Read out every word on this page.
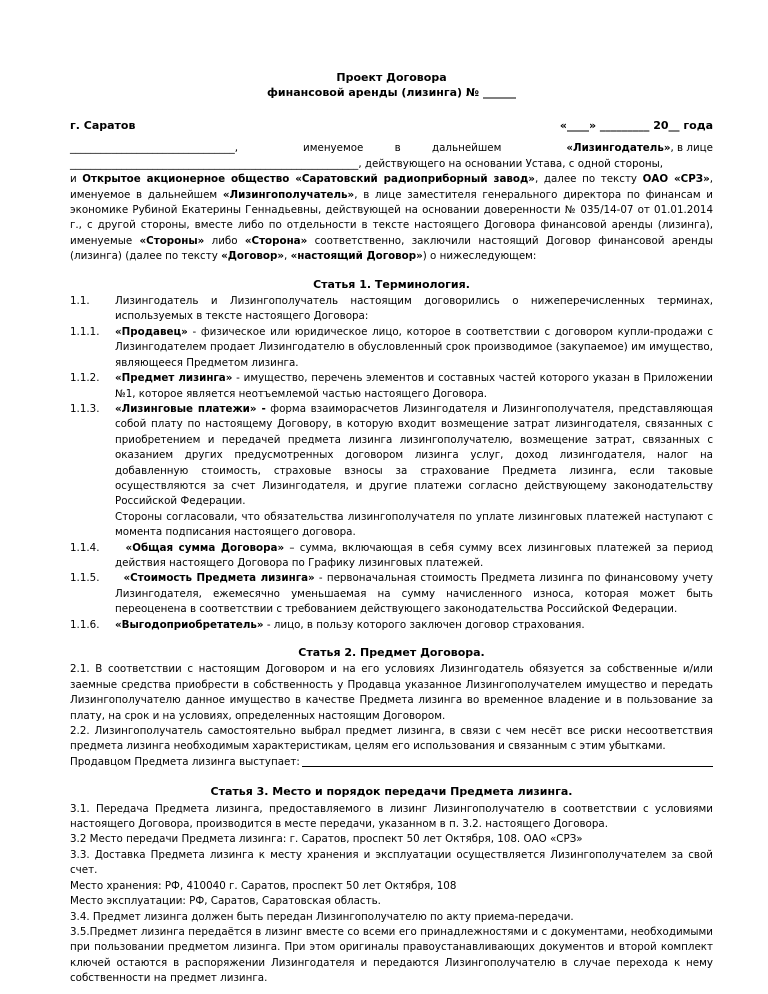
Проект Договора
финансовой аренды (лизинга) № ______
г. Саратов	«____» _________ 20__ года

________________________________,	именуемое в дальнейшем	«Лизингодатель», в лице
________________________________________________________, действующего на основании Устава, с одной стороны,
и Открытое акционерное общество «Саратовский радиоприборный завод», далее по тексту ОАО «СРЗ», именуемое в дальнейшем «Лизингополучатель», в лице заместителя генерального директора по финансам и экономике Рубиной Екатерины Геннадьевны, действующей на основании доверенности № 035/14-07 от 01.01.2014 г., с другой стороны, вместе либо по отдельности в тексте настоящего Договора финансовой аренды (лизинга), именуемые «Стороны» либо «Сторона» соответственно, заключили настоящий Договор финансовой аренды (лизинга) (далее по тексту «Договор», «настоящий Договор») о нижеследующем:

Статья 1. Терминология.
1.1.	Лизингодатель и Лизингополучатель настоящим договорились о нижеперечисленных терминах, используемых в тексте настоящего Договора:
1.1.1.	«Продавец» - физическое или юридическое лицо, которое в соответствии с договором купли-продажи с Лизингодателем продает Лизингодателю в обусловленный срок производимое (закупаемое) им имущество, являющееся Предметом лизинга.
1.1.2.	«Предмет лизинга» - имущество, перечень элементов и составных частей которого указан в Приложении №1, которое является неотъемлемой частью настоящего Договора.
1.1.3.	«Лизинговые платежи» - форма взаиморасчетов Лизингодателя и Лизингополучателя, представляющая собой плату по настоящему Договору, в которую входит возмещение затрат лизингодателя, связанных с приобретением и передачей предмета лизинга лизингополучателю, возмещение затрат, связанных с оказанием других предусмотренных договором лизинга услуг, доход лизингодателя, налог на добавленную стоимость, страховые взносы за страхование Предмета лизинга, если таковые осуществляются за счет Лизингодателя, и другие платежи согласно действующему законодательству Российской Федерации.
Стороны согласовали, что обязательства лизингополучателя по уплате лизинговых платежей наступают с момента подписания настоящего договора.
1.1.4.	«Общая сумма Договора» – сумма, включающая в себя сумму всех лизинговых платежей за период действия настоящего Договора по Графику лизинговых платежей.
1.1.5.	«Стоимость Предмета лизинга» - первоначальная стоимость Предмета лизинга по финансовому учету Лизингодателя, ежемесячно уменьшаемая на сумму начисленного износа, которая может быть переоценена в соответствии с требованием действующего законодательства Российской Федерации.
1.1.6.	«Выгодоприобретатель» - лицо, в пользу которого заключен договор страхования.
Статья 2. Предмет Договора.

2.1. В соответствии с настоящим Договором и на его условиях Лизингодатель обязуется за собственные и/или заемные средства приобрести в собственность у Продавца указанное Лизингополучателем имущество и передать Лизингополучателю данное имущество в качестве Предмета лизинга во временное владение и в пользование за плату, на срок и на условиях, определенных настоящим Договором.

2.2. Лизингополучатель самостоятельно выбрал предмет лизинга, в связи с чем несёт все риски несоответствия предмета лизинга необходимым характеристикам, целям его использования и связанным с этим убытками.

Продавцом Предмета лизинга выступает:
Статья 3. Место и порядок передачи Предмета лизинга.

3.1. Передача Предмета лизинга, предоставляемого в лизинг Лизингополучателю в соответствии с условиями настоящего Договора, производится в месте передачи, указанном в п. 3.2. настоящего Договора.

3.2 Место передачи Предмета лизинга: г. Саратов, проспект 50 лет Октября, 108. ОАО «СРЗ»

3.3. Доставка Предмета лизинга к месту хранения и эксплуатации осуществляется Лизингополучателем за свой счет.

Место хранения: РФ, 410040 г. Саратов, проспект 50 лет Октября, 108

Место эксплуатации: РФ, Саратов, Саратовская область.

3.4. Предмет лизинга должен быть передан Лизингополучателю по акту приема-передачи.

3.5.Предмет лизинга передаётся в лизинг вместе со всеми его принадлежностями и с документами, необходимыми при пользовании предметом лизинга. При этом оригиналы правоустанавливающих документов и второй комплект ключей остаются в распоряжении Лизингодателя и передаются Лизингополучателю в случае перехода к нему собственности на предмет лизинга.
